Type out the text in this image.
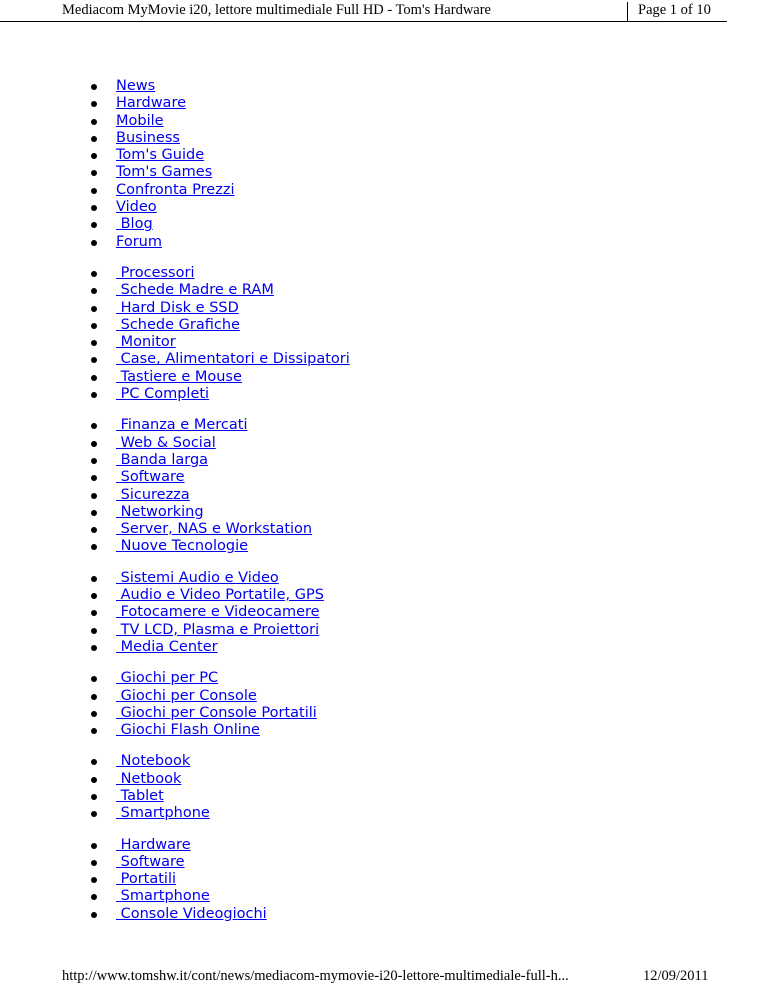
Mediacom MyMovie i20, lettore multimediale Full HD - Tom's Hardware	Page 1 of 10
News
Hardware
Mobile
Business
Tom's Guide
Tom's Games
Confronta Prezzi
Video
Blog
Forum
Processori
Schede Madre e RAM
Hard Disk e SSD
Schede Grafiche
Monitor
Case, Alimentatori e Dissipatori
Tastiere e Mouse
PC Completi
Finanza e Mercati
Web & Social
Banda larga
Software
Sicurezza
Networking
Server, NAS e Workstation
Nuove Tecnologie
Sistemi Audio e Video
Audio e Video Portatile, GPS
Fotocamere e Videocamere
TV LCD, Plasma e Proiettori
Media Center
Giochi per PC
Giochi per Console
Giochi per Console Portatili
Giochi Flash Online
Notebook
Netbook
Tablet
Smartphone
Hardware
Software
Portatili
Smartphone
Console Videogiochi
http://www.tomshw.it/cont/news/mediacom-mymovie-i20-lettore-multimediale-full-h...	12/09/2011
